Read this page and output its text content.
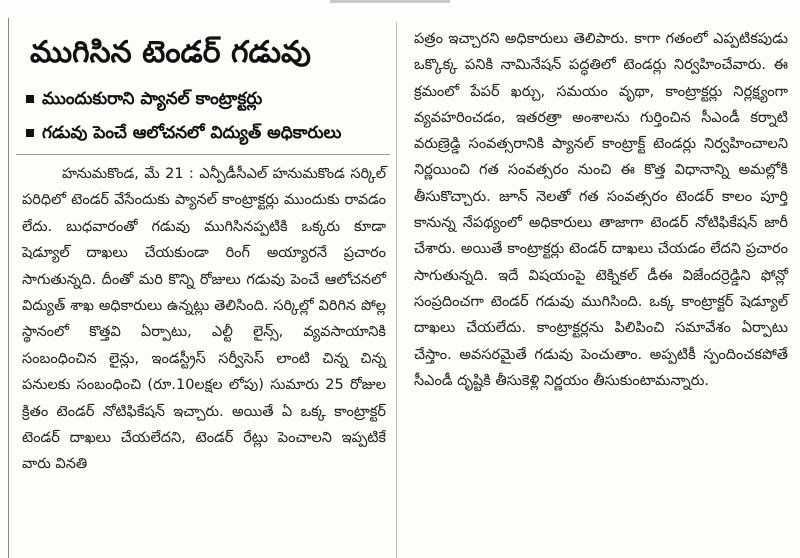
ముగిసిన టెండర్ గడువు
ముందుకురాని ప్యానల్ కాంట్రాక్టర్లు
గడువు పెంచే ఆలోచనలో విద్యుత్ అధికారులు

హనుమకొండ, మే 21 : ఎన్పీడీసీఎల్ హనుమకొండ సర్కిల్ పరిధిలో టెండర్ వేసేందుకు ప్యానల్ కాంట్రాక్టర్లు ముందుకు రావడం లేదు. బుధవారంతో గడువు ముగిసినప్పటికి ఒక్కరు కూడా షెడ్యూల్ దాఖలు చేయకుండా రింగ్ అయ్యారనే ప్రచారం సాగుతున్నది. దీంతో మరి కొన్ని రోజులు గడువు పెంచే ఆలోచనలో విద్యుత్ శాఖ అధికారులు ఉన్నట్లు తెలిసింది. సర్కిల్లో విరిగిన పోల్ల స్థానంలో కొత్తవి ఏర్పాటు, ఎల్టీ లైన్స్, వ్యవసాయానికి సంబంధించిన లైన్లు, ఇండస్ట్రీస్ సర్వీసెస్ లాంటి చిన్న చిన్న పనులకు సంబంధించి (రూ.10లక్షల లోపు) సుమారు 25 రోజుల క్రితం టెండర్ నోటిఫికేషన్ ఇచ్చారు. అయితే ఏ ఒక్క కాంట్రాక్టర్ టెండర్ దాఖలు చేయలేదని, టెండర్ రేట్లు పెంచాలని ఇప్పటికే వారు వినతి

పత్రం ఇచ్చారని అధికారులు తెలిపారు. కాగా గతంలో ఎప్పటికపుడు ఒక్కొక్క పనికి నామినేషన్ పద్ధతిలో టెండర్లు నిర్వహించేవారు. ఈ క్రమంలో పేపర్ ఖర్చు, సమయం వృథా, కాంట్రాక్టర్లు నిర్లక్ష్యంగా వ్యవహరించడం, ఇతరత్రా అంశాలను గుర్తించిన సీఎండీ కర్నాటి వరుణ్రెడ్డి సంవత్సరానికి ప్యానల్ కాంట్రాక్ట్ టెండర్లు నిర్వహించాలని నిర్ణయించి గత సంవత్సరం నుంచి ఈ కొత్త విధానాన్ని అమల్లోకి తీసుకొచ్చారు. జూన్ నెలతో గత సంవత్సరం టెండర్ కాలం పూర్తి కానున్న నేపథ్యంలో అధికారులు తాజాగా టెండర్ నోటిఫికేషన్ జారీ చేశారు. అయితే కాంట్రాక్టర్లు టెండర్ దాఖలు చేయడం లేదని ప్రచారం సాగుతున్నది. ఇదే విషయంపై టెక్నికల్ డీఈ విజేందర్రెడ్డిని ఫోన్లో సంప్రదించగా టెండర్ గడువు ముగిసింది. ఒక్క కాంట్రాక్టర్ షెడ్యూల్ దాఖలు చేయలేదు. కాంట్రాక్టర్లను పిలిపించి సమావేశం ఏర్పాటు చేస్తాం. అవసరమైతే గడువు పెంచుతాం. అప్పటికీ స్పందించకపోతే సీఎండీ దృష్టికి తీసుకెళ్లి నిర్ణయం తీసుకుంటామన్నారు.
